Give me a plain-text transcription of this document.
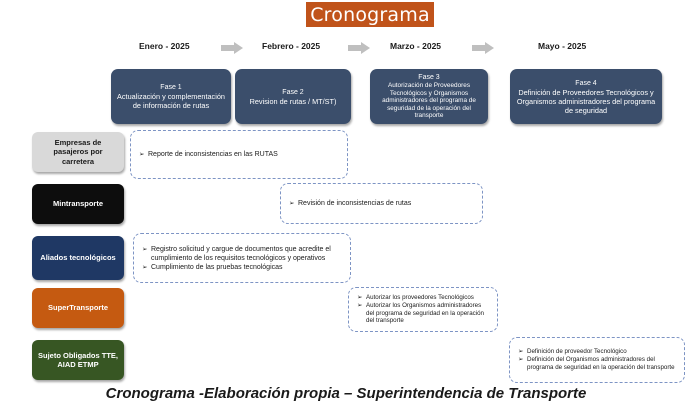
Cronograma
Enero - 2025	Febrero - 2025	Marzo - 2025	Mayo - 2025
Fase 1
Actualización y complementación de información de rutas
Fase 2
Revision de rutas / MT/ST)
Fase 3
Autorización de Proveedores Tecnológicos y Organismos administradores del programa de seguridad de la operación del transporte
Fase 4
Definición de Proveedores Tecnológicos y Organismos administradores del programa de seguridad
Empresas de pasajeros por carretera
Mintransporte
Aliados tecnológicos
SuperTransporte
Sujeto Obligados TTE, AIAD ETMP
➢ Reporte de inconsistencias en las RUTAS
➢ Revisión de inconsistencias de rutas
➢ Registro solicitud y cargue de documentos que acredite el cumplimiento de los requisitos tecnológicos y operativos
➢ Cumplimiento de las pruebas tecnológicas
➢ Autorizar los proveedores Tecnológicos
➢ Autorizar los Organismos administradores del programa de seguridad en la operación del transporte
➢ Definición de proveedor Tecnológico
➢ Definición del Organismos administradores del programa de seguridad en la operación del transporte
Cronograma -Elaboración propia – Superintendencia de Transporte
